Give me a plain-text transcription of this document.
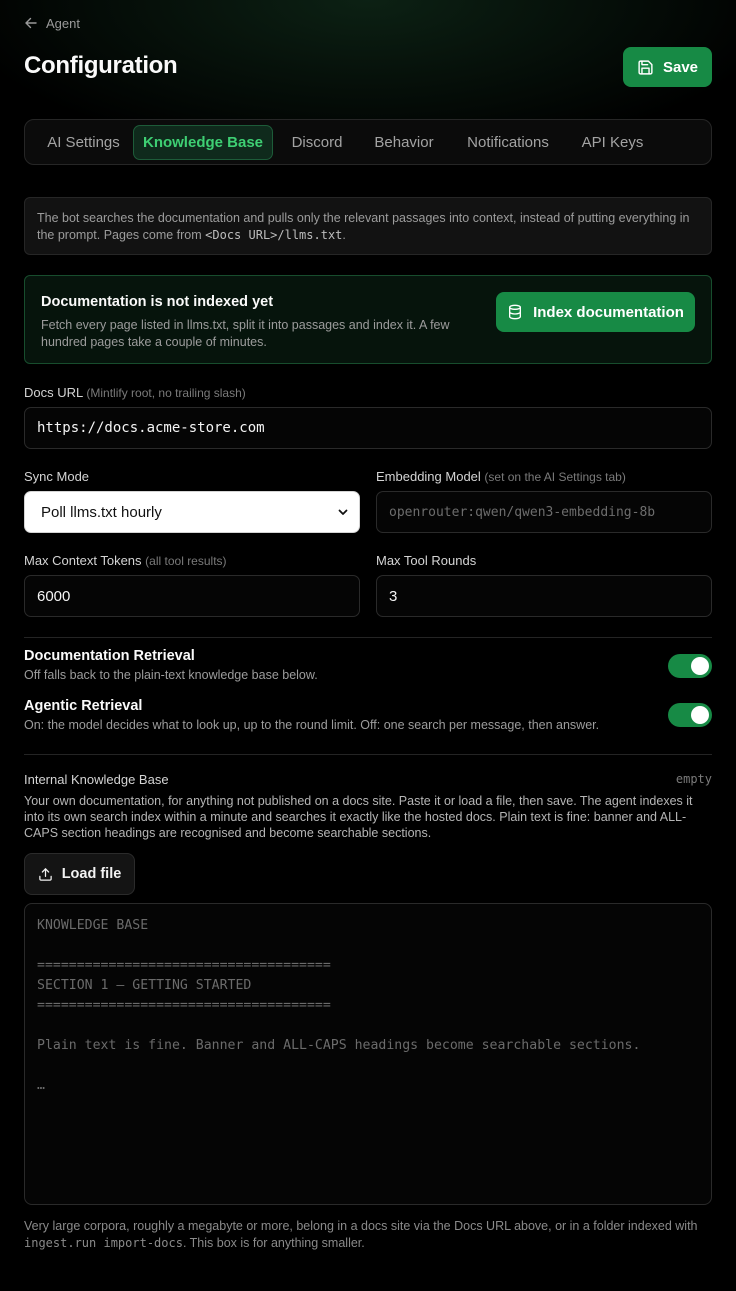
Agent
Configuration	Save
AI Settings	Knowledge Base	Discord	Behavior	Notifications	API Keys
The bot searches the documentation and pulls only the relevant passages into context, instead of putting everything in the prompt. Pages come from <Docs URL>/llms.txt.
Documentation is not indexed yet
Fetch every page listed in llms.txt, split it into passages and index it. A few hundred pages take a couple of minutes.
Index documentation
Docs URL (Mintlify root, no trailing slash)
https://docs.acme-store.com
Sync Mode
Poll llms.txt hourly
Embedding Model (set on the AI Settings tab)
openrouter:qwen/qwen3-embedding-8b
Max Context Tokens (all tool results)
6000
Max Tool Rounds
3
Documentation Retrieval
Off falls back to the plain-text knowledge base below.
Agentic Retrieval
On: the model decides what to look up, up to the round limit. Off: one search per message, then answer.
Internal Knowledge Base	empty
Your own documentation, for anything not published on a docs site. Paste it or load a file, then save. The agent indexes it into its own search index within a minute and searches it exactly like the hosted docs. Plain text is fine: banner and ALL-CAPS section headings are recognised and become searchable sections.
Load file
KNOWLEDGE BASE

=====================================
SECTION 1 — GETTING STARTED
=====================================

Plain text is fine. Banner and ALL-CAPS headings become searchable sections.

…
Very large corpora, roughly a megabyte or more, belong in a docs site via the Docs URL above, or in a folder indexed with ingest.run import-docs. This box is for anything smaller.
